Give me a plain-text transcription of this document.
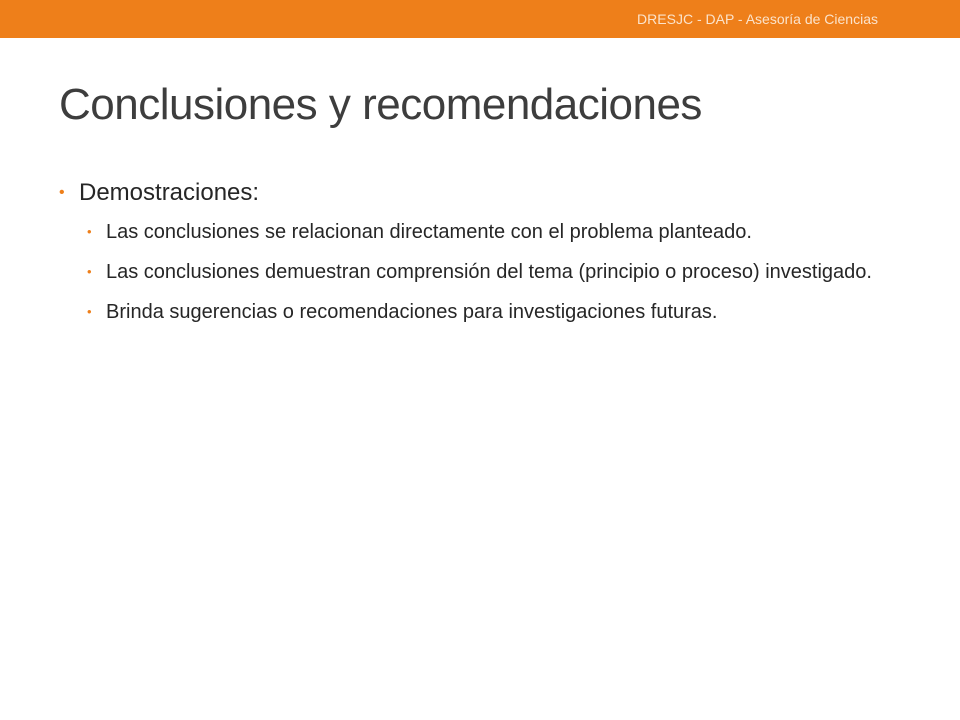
DRESJC - DAP - Asesoría de Ciencias
Conclusiones y recomendaciones
• Demostraciones:
• Las conclusiones se relacionan directamente con el problema planteado.
• Las conclusiones demuestran comprensión del tema (principio o proceso) investigado.
• Brinda sugerencias o recomendaciones para investigaciones futuras.
